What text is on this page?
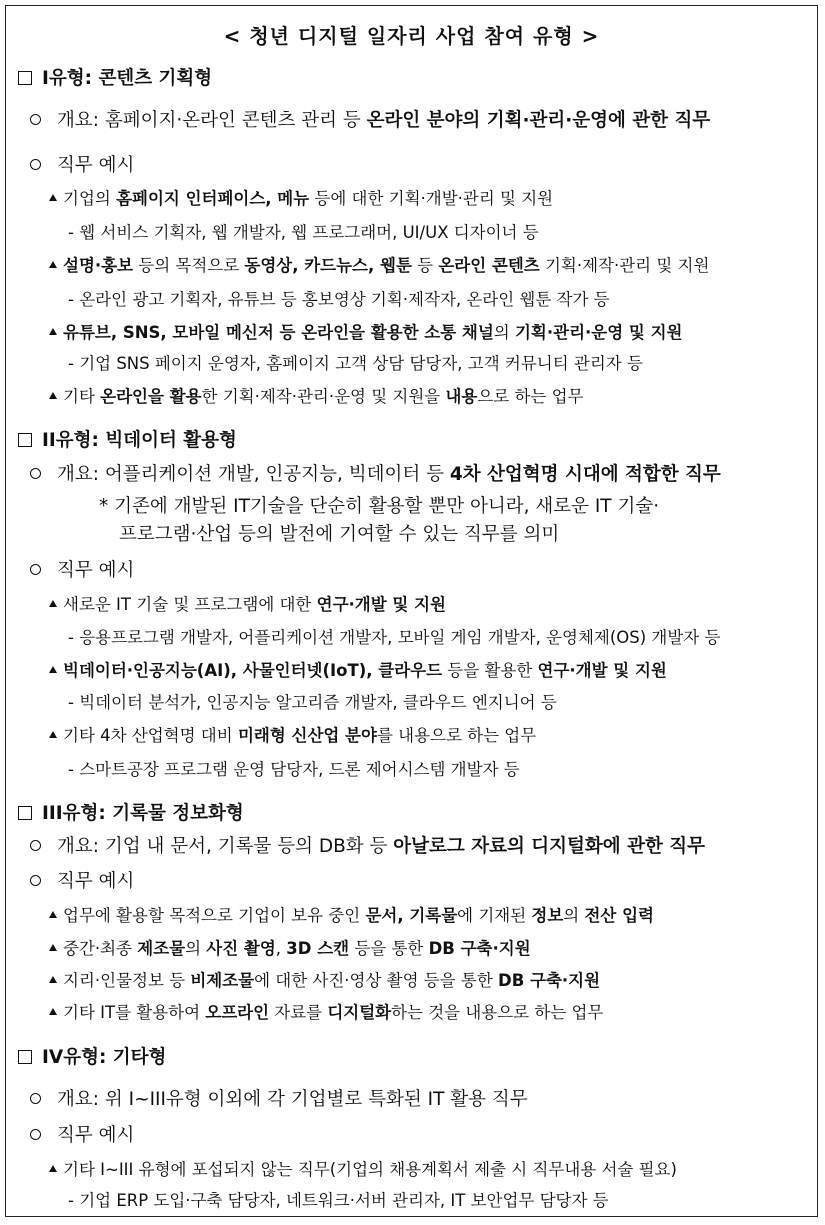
< 청년 디지털 일자리 사업 참여 유형 >
I유형: 콘텐츠 기획형
개요: 홈페이지·온라인 콘텐츠 관리 등 온라인 분야의 기획·관리·운영에 관한 직무
직무 예시
기업의 홈페이지 인터페이스, 메뉴 등에 대한 기획·개발·관리 및 지원
- 웹 서비스 기획자, 웹 개발자, 웹 프로그래머, UI/UX 디자이너 등
설명·홍보 등의 목적으로 동영상, 카드뉴스, 웹툰 등 온라인 콘텐츠 기획·제작·관리 및 지원
- 온라인 광고 기획자, 유튜브 등 홍보영상 기획·제작자, 온라인 웹툰 작가 등
유튜브, SNS, 모바일 메신저 등 온라인을 활용한 소통 채널의 기획·관리·운영 및 지원
- 기업 SNS 페이지 운영자, 홈페이지 고객 상담 담당자, 고객 커뮤니티 관리자 등
기타 온라인을 활용한 기획·제작·관리·운영 및 지원을 내용으로 하는 업무
II유형: 빅데이터 활용형
개요: 어플리케이션 개발, 인공지능, 빅데이터 등 4차 산업혁명 시대에 적합한 직무
* 기존에 개발된 IT기술을 단순히 활용할 뿐만 아니라, 새로운 IT 기술·
프로그램·산업 등의 발전에 기여할 수 있는 직무를 의미
직무 예시
새로운 IT 기술 및 프로그램에 대한 연구·개발 및 지원
- 응용프로그램 개발자, 어플리케이션 개발자, 모바일 게임 개발자, 운영체제(OS) 개발자 등
빅데이터·인공지능(AI), 사물인터넷(IoT), 클라우드 등을 활용한 연구·개발 및 지원
- 빅데이터 분석가, 인공지능 알고리즘 개발자, 클라우드 엔지니어 등
기타 4차 산업혁명 대비 미래형 신산업 분야를 내용으로 하는 업무
- 스마트공장 프로그램 운영 담당자, 드론 제어시스템 개발자 등
III유형: 기록물 정보화형
개요: 기업 내 문서, 기록물 등의 DB화 등 아날로그 자료의 디지털화에 관한 직무
직무 예시
업무에 활용할 목적으로 기업이 보유 중인 문서, 기록물에 기재된 정보의 전산 입력
중간·최종 제조물의 사진 촬영, 3D 스캔 등을 통한 DB 구축·지원
지리·인물정보 등 비제조물에 대한 사진·영상 촬영 등을 통한 DB 구축·지원
기타 IT를 활용하여 오프라인 자료를 디지털화하는 것을 내용으로 하는 업무
IV유형: 기타형
개요: 위 I~III유형 이외에 각 기업별로 특화된 IT 활용 직무
직무 예시
기타 I~III 유형에 포섭되지 않는 직무(기업의 채용계획서 제출 시 직무내용 서술 필요)
- 기업 ERP 도입·구축 담당자, 네트워크·서버 관리자, IT 보안업무 담당자 등
